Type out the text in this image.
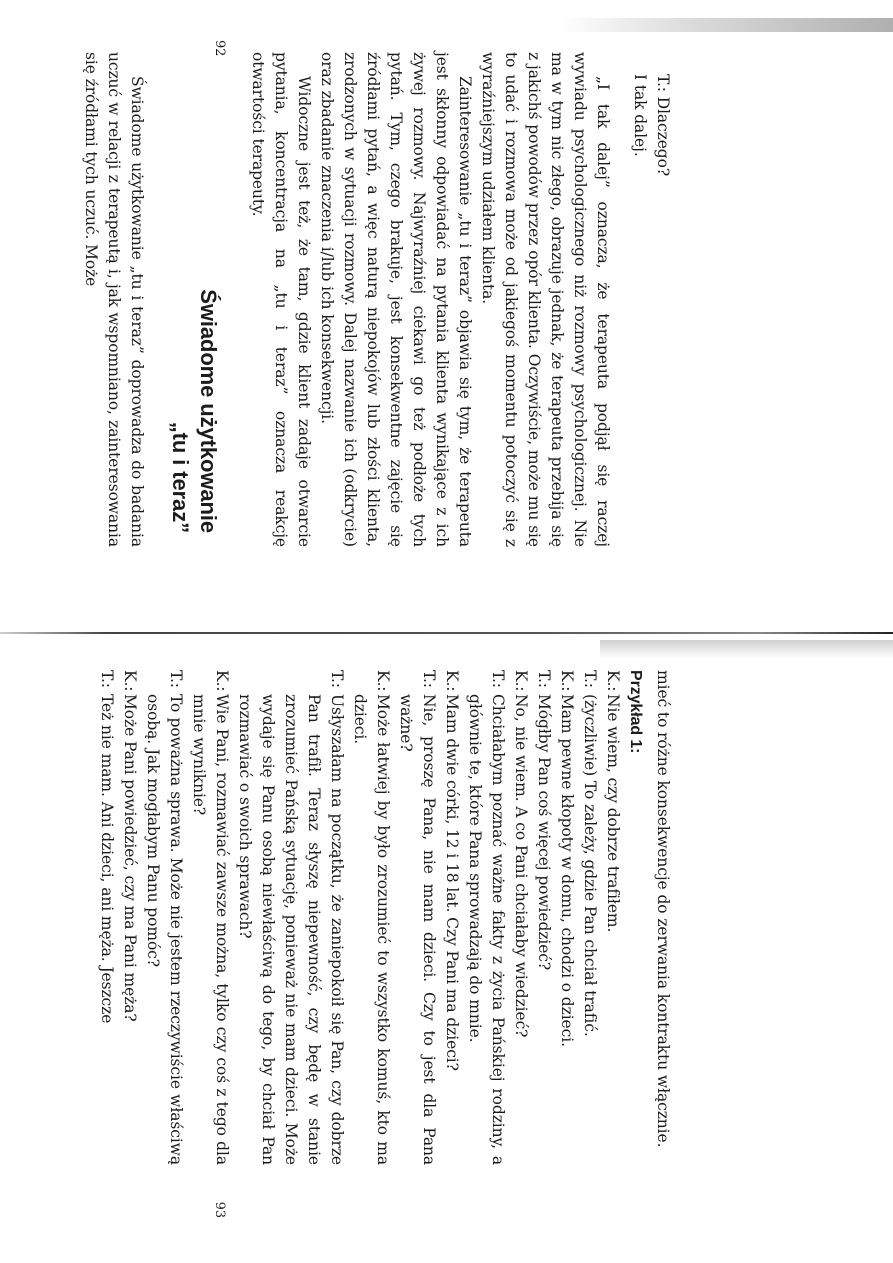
T.: Dlaczego?

I tak dalej.

„I tak dalej” oznacza, że terapeuta podjął się raczej wywiadu psychologicznego niż rozmowy psychologicznej. Nie ma w tym nic złego, obrazuje jednak, że terapeuta przebija się z jakichś powodów przez opór klienta. Oczywiście, może mu się to udać i rozmowa może od jakiegoś momentu potoczyć się z wyraźniejszym udziałem klienta.

Zainteresowanie „tu i teraz” objawia się tym, że terapeuta jest skłonny odpowiadać na pytania klienta wynikające z ich żywej rozmowy. Najwyraźniej ciekawi go też podłoże tych pytań. Tym, czego brakuje, jest konsekwentne zajęcie się źródłami pytań, a więc naturą niepokojów lub złości klienta, zrodzonych w sytuacji rozmowy. Dalej nazwanie ich (odkrycie) oraz zbadanie znaczenia i/lub ich konsekwencji.

Widoczne jest też, że tam, gdzie klient zadaje otwarcie pytania, koncentracja na „tu i teraz” oznacza reakcję otwartości terapeuty.

Świadome użytkowanie
„tu i teraz”

Świadome użytkowanie „tu i teraz” doprowadza do badania uczuć w relacji z terapeutą i, jak wspomniano, zainteresowania się źródłami tych uczuć. Może

92

mieć to różne konsekwencje do zerwania kontraktu włącznie.

Przykład 1:

K.:
Nie wiem, czy dobrze trafiłem.
T.:
(życzliwie) To zależy, gdzie Pan chciał trafić.
K.:
Mam pewne kłopoty w domu, chodzi o dzieci.
T.:
Mógłby Pan coś więcej powiedzieć?
K.:
No, nie wiem. A co Pani chciałaby wiedzieć?
T.:
Chciałabym poznać ważne fakty z życia Pańskiej rodziny, a głównie te, które Pana sprowadzają do mnie.
K.:
Mam dwie córki, 12 i 18 lat. Czy Pani ma dzieci?
T.:
Nie, proszę Pana, nie mam dzieci. Czy to jest dla Pana ważne?
K.:
Może łatwiej by było zrozumieć to wszystko komuś, kto ma dzieci.
T.:
Usłyszałam na początku, że zaniepokoił się Pan, czy dobrze Pan trafił. Teraz słyszę niepewność, czy będę w stanie zrozumieć Pańską sytuację, ponieważ nie mam dzieci. Może wydaje się Panu osobą niewłaściwą do tego, by chciał Pan rozmawiać o swoich sprawach?
K.:
Wie Pani, rozmawiać zawsze można, tylko czy coś z tego dla mnie wyniknie?
T.:
To poważna sprawa. Może nie jestem rzeczywiście właściwą osobą. Jak mogłabym Panu pomóc?
K.:
Może Pani powiedzieć, czy ma Pani męża?
T.:
Też nie mam. Ani dzieci, ani męża. Jeszcze
93
